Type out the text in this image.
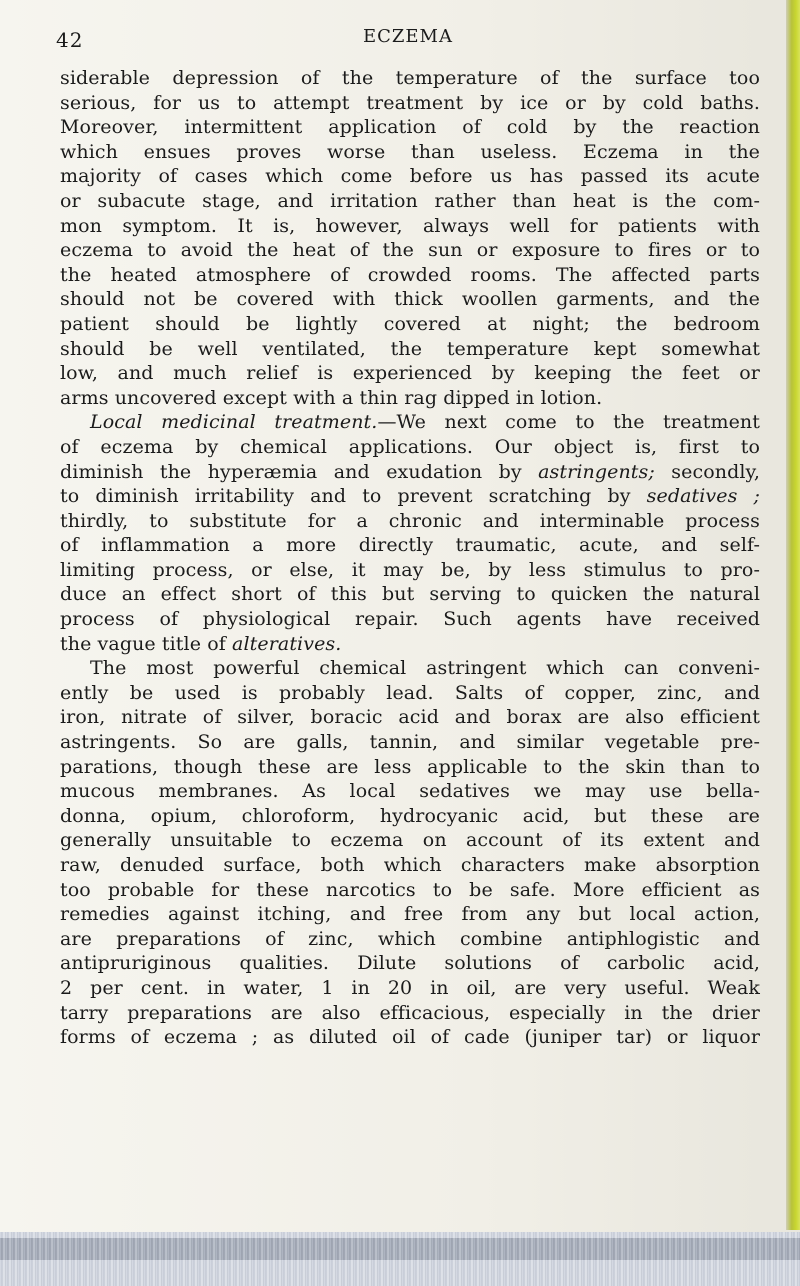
42	ECZEMA
siderable depression of the temperature of the surface too
serious, for us to attempt treatment by ice or by cold baths.
Moreover, intermittent application of cold by the reaction
which ensues proves worse than useless. Eczema in the
majority of cases which come before us has passed its acute
or subacute stage, and irritation rather than heat is the com-
mon symptom. It is, however, always well for patients with
eczema to avoid the heat of the sun or exposure to fires or to
the heated atmosphere of crowded rooms. The affected parts
should not be covered with thick woollen garments, and the
patient should be lightly covered at night; the bedroom
should be well ventilated, the temperature kept somewhat
low, and much relief is experienced by keeping the feet or
arms uncovered except with a thin rag dipped in lotion.
Local medicinal treatment.—We next come to the treatment
of eczema by chemical applications. Our object is, first to
diminish the hyperæmia and exudation by astringents; secondly,
to diminish irritability and to prevent scratching by sedatives ;
thirdly, to substitute for a chronic and interminable process
of inflammation a more directly traumatic, acute, and self-
limiting process, or else, it may be, by less stimulus to pro-
duce an effect short of this but serving to quicken the natural
process of physiological repair. Such agents have received
the vague title of alteratives.
The most powerful chemical astringent which can conveni-
ently be used is probably lead. Salts of copper, zinc, and
iron, nitrate of silver, boracic acid and borax are also efficient
astringents. So are galls, tannin, and similar vegetable pre-
parations, though these are less applicable to the skin than to
mucous membranes. As local sedatives we may use bella-
donna, opium, chloroform, hydrocyanic acid, but these are
generally unsuitable to eczema on account of its extent and
raw, denuded surface, both which characters make absorption
too probable for these narcotics to be safe. More efficient as
remedies against itching, and free from any but local action,
are preparations of zinc, which combine antiphlogistic and
antipruriginous qualities. Dilute solutions of carbolic acid,
2 per cent. in water, 1 in 20 in oil, are very useful. Weak
tarry preparations are also efficacious, especially in the drier
forms of eczema ; as diluted oil of cade (juniper tar) or liquor
